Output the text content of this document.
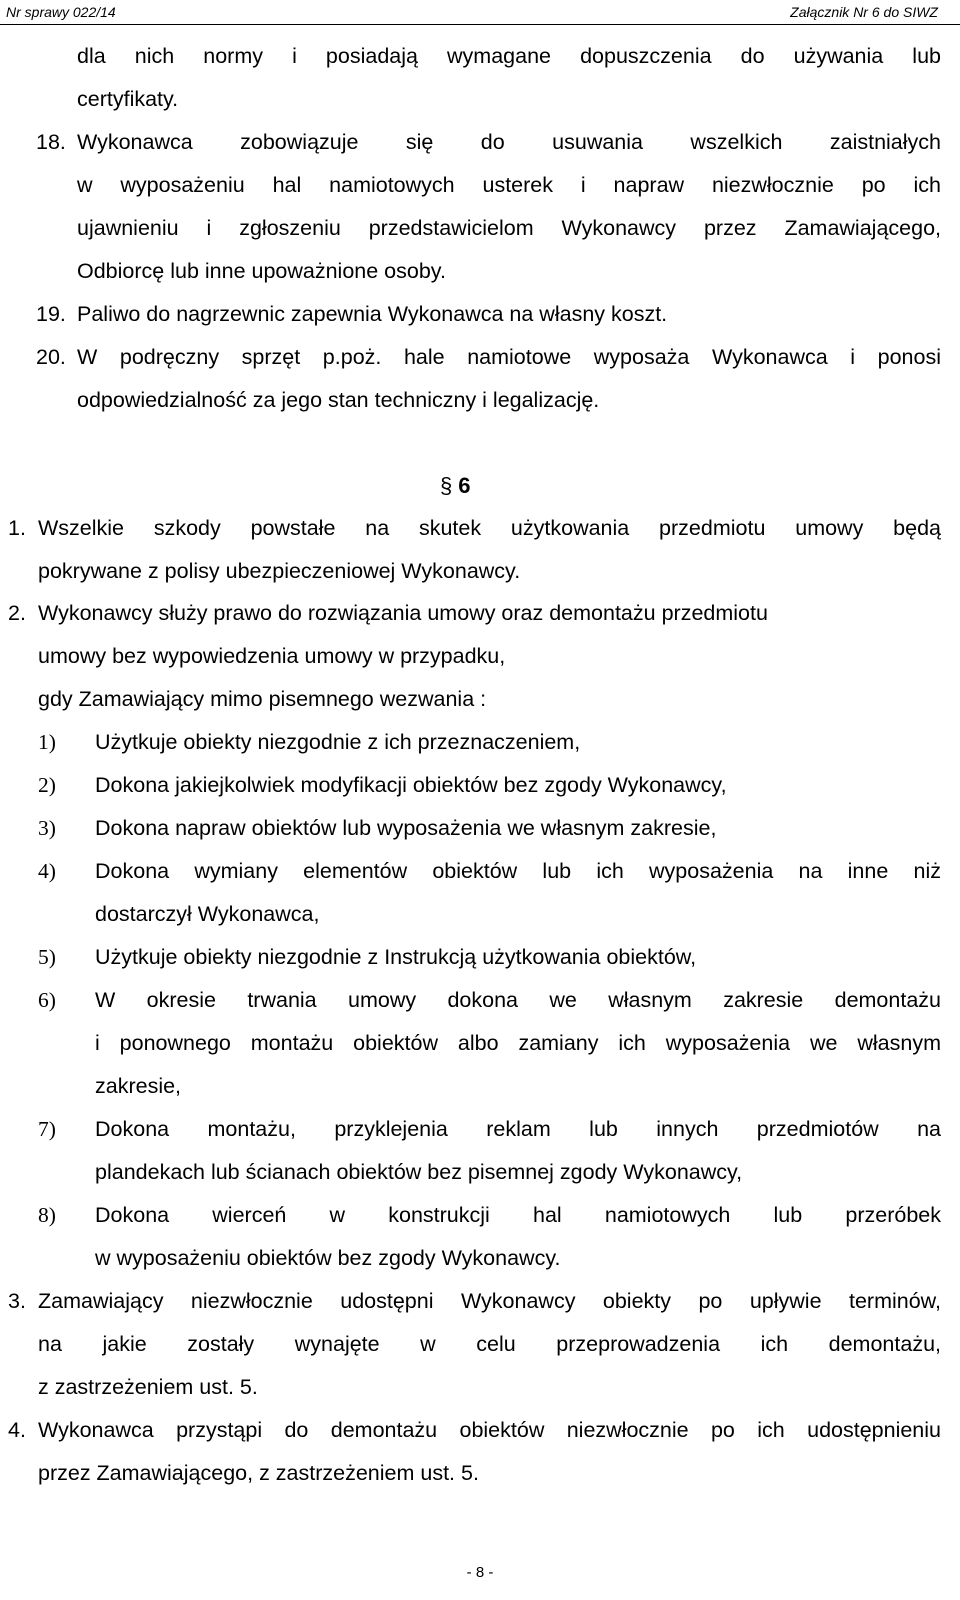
Nr sprawy 022/14	Załącznik Nr 6 do SIWZ
dla nich normy i posiadają wymagane dopuszczenia do używania lub
certyfikaty.
18. Wykonawca zobowiązuje się do usuwania wszelkich zaistniałych
w wyposażeniu hal namiotowych usterek i napraw niezwłocznie po ich
ujawnieniu i zgłoszeniu przedstawicielom Wykonawcy przez Zamawiającego,
Odbiorcę lub inne upoważnione osoby.
19. Paliwo do nagrzewnic zapewnia Wykonawca na własny koszt.
20. W podręczny sprzęt p.poż. hale namiotowe wyposaża Wykonawca i ponosi
odpowiedzialność za jego stan techniczny i legalizację.
§ 6
1. Wszelkie szkody powstałe na skutek użytkowania przedmiotu umowy będą
pokrywane z polisy ubezpieczeniowej Wykonawcy.
2. Wykonawcy służy prawo do rozwiązania umowy oraz demontażu przedmiotu
umowy bez wypowiedzenia umowy w przypadku,
gdy Zamawiający mimo pisemnego wezwania :
1) Użytkuje obiekty niezgodnie z ich przeznaczeniem,
2) Dokona jakiejkolwiek modyfikacji obiektów bez zgody Wykonawcy,
3) Dokona napraw obiektów lub wyposażenia we własnym zakresie,
4) Dokona wymiany elementów obiektów lub ich wyposażenia na inne niż
dostarczył Wykonawca,
5) Użytkuje obiekty niezgodnie z Instrukcją użytkowania obiektów,
6) W okresie trwania umowy dokona we własnym zakresie demontażu
i ponownego montażu obiektów albo zamiany ich wyposażenia we własnym
zakresie,
7) Dokona montażu, przyklejenia reklam lub innych przedmiotów na
plandekach lub ścianach obiektów bez pisemnej zgody Wykonawcy,
8) Dokona wierceń w konstrukcji hal namiotowych lub przeróbek
w wyposażeniu obiektów bez zgody Wykonawcy.
3. Zamawiający niezwłocznie udostępni Wykonawcy obiekty po upływie terminów,
na jakie zostały wynajęte w celu przeprowadzenia ich demontażu,
z zastrzeżeniem ust. 5.
4. Wykonawca przystąpi do demontażu obiektów niezwłocznie po ich udostępnieniu
przez Zamawiającego, z zastrzeżeniem ust. 5.
- 8 -
